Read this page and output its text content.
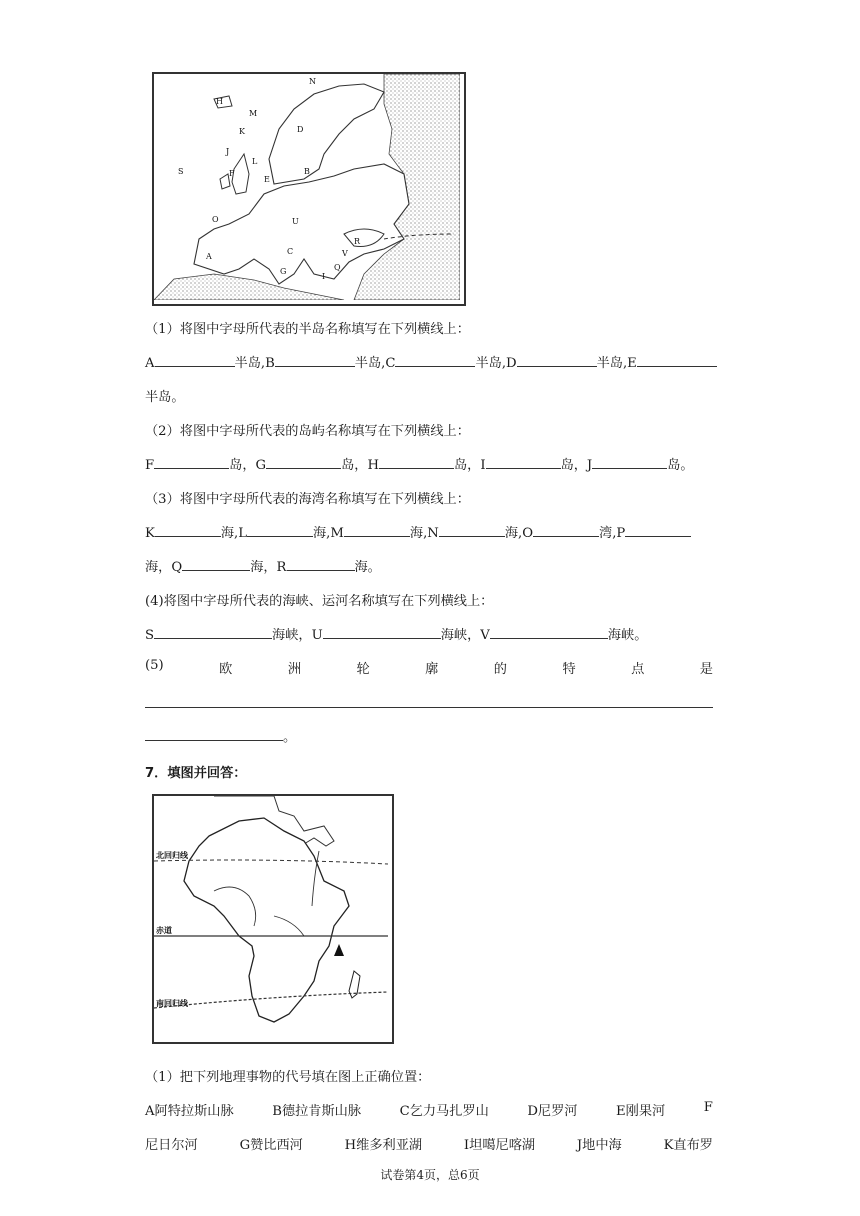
N
M
H
D
L
J
E
F
O
B
A
C
U
R
Q
V
S
G
I
K
（1）将图中字母所代表的半岛名称填写在下列横线上：
A	半岛,B	半岛,C	半岛,D	半岛,E
半岛。
（2）将图中字母所代表的岛屿名称填写在下列横线上：
F	岛，G	岛，H	岛，I	岛，J	岛。
（3）将图中字母所代表的海湾名称填写在下列横线上：
K	海,L	海,M	海,N	海,O	湾,P
海，Q	海，R	海。
(4)将图中字母所代表的海峡、运河名称填写在下列横线上：
S	海峡，U	海峡，V	海峡。
(5)	欧	洲	轮	廓	的	特	点	是
。
7．填图并回答：
北回归线
赤道
南回归线
（1）把下列地理事物的代号填在图上正确位置：
A阿特拉斯山脉	B德拉肯斯山脉	C乞力马扎罗山	D尼罗河	E刚果河	F
尼日尔河	G赞比西河	H维多利亚湖	I坦噶尼喀湖	J地中海	K直布罗
试卷第4页，总6页
